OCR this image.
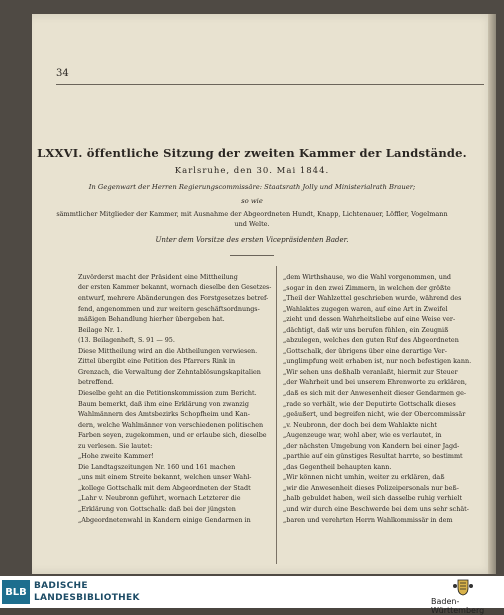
34
LXXVI. öffentliche Sitzung der zweiten Kammer der Landstände.
Karlsruhe, den 30. Mai 1844.
In Gegenwart der Herren Regierungscommissäre: Staatsrath Jolly und Ministerialrath Brauer;
so wie
sämmtlicher Mitglieder der Kammer, mit Ausnahme der Abgeordneten Hundt, Knapp, Lichtenauer, Löffler, Vogelmann
und Welte.
Unter dem Vorsitze des ersten Vicepräsidenten Bader.
Zuvörderst macht der Präsident eine Mittheilung
der ersten Kammer bekannt, wornach dieselbe den Gesetzes-
entwurf, mehrere Abänderungen des Forstgesetzes betref-
fend, angenommen und zur weitern geschäftsordnungs-
mäßigen Behandlung hierher übergeben hat.
Beilage Nr. 1.
(13. Beilagenheft, S. 91 — 95.
Diese Mittheilung wird an die Abtheilungen verwiesen.
Zittel übergibt eine Petition des Pfarrers Rink in
Grenzach, die Verwaltung der Zehntablösungskapitalien
betreffend.
Dieselbe geht an die Petitionskommission zum Bericht.
Baum bemerkt, daß ihm eine Erklärung von zwanzig
Wahlmännern des Amtsbezirks Schopfheim und Kan-
dern, welche Wahlmänner von verschiedenen politischen
Farben seyen, zugekommen, und er erlaube sich, dieselbe
zu verlesen. Sie lautet:
„Hohe zweite Kammer!
Die Landtagszeitungen Nr. 160 und 161 machen
„uns mit einem Streite bekannt, welchen unser Wahl-
„kollege Gottschalk mit dem Abgeordneten der Stadt
„Lahr v. Neubronn geführt, wornach Letzterer die
„Erklärung von Gottschalk: daß bei der jüngsten
„Abgeordnetenwahl in Kandern einige Gendarmen in
„dem Wirthshause, wo die Wahl vorgenommen, und
„sogar in den zwei Zimmern, in welchen der größte
„Theil der Wahlzettel geschrieben wurde, während des
„Wahlaktes zugegen waren, auf eine Art in Zweifel
„zieht und dessen Wahrheitsliebe auf eine Weise ver-
„dächtigt, daß wir uns berufen fühlen, ein Zeugniß
„abzulegen, welches den guten Ruf des Abgeordneten
„Gottschalk, der übrigens über eine derartige Ver-
„unglimpfung weit erhaben ist, nur noch befestigen kann.
„Wir sehen uns deßhalb veranlaßt, hiermit zur Steuer
„der Wahrheit und bei unserem Ehrenworte zu erklären,
„daß es sich mit der Anwesenheit dieser Gendarmen ge-
„rade so verhält, wie der Deputirte Gottschalk dieses
„geäußert, und begreifen nicht, wie der Obercommissär
„v. Neubronn, der doch bei dem Wahlakte nicht
„Augenzeuge war, wohl aber, wie es verlautet, in
„der nächsten Umgebung von Kandern bei einer Jagd-
„parthie auf ein günstiges Resultat harrte, so bestimmt
„das Gegentheil behaupten kann.
„Wir können nicht umhin, weiter zu erklären, daß
„wir die Anwesenheit dieses Polizeipersonals nur beß-
„halb gebuldet haben, weil sich dasselbe ruhig verhielt
„und wir durch eine Beschwerde bei dem uns sehr schät-
„baren und verehrten Herrn Wahlkommissär in dem
BLB
BADISCHE
LANDESBIBLIOTHEK	Baden-Württemberg
